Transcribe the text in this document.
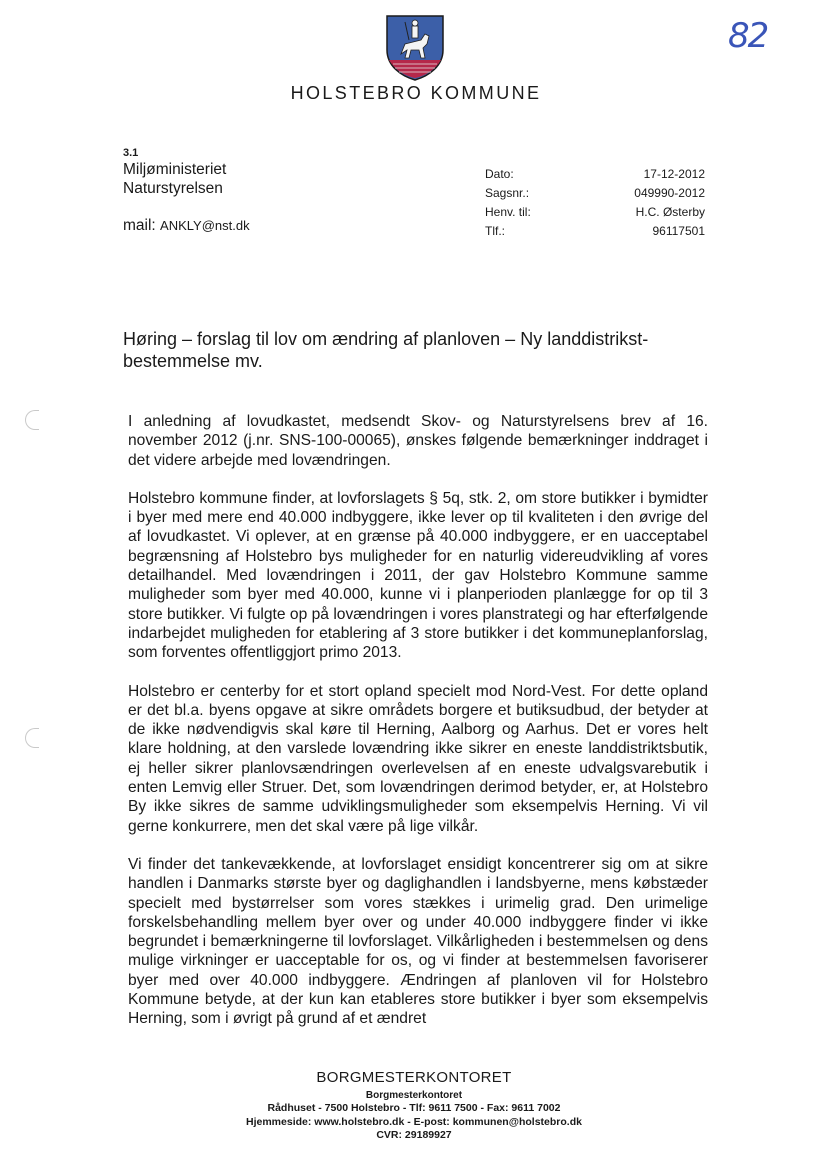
82
HOLSTEBRO KOMMUNE
3.1
Miljøministeriet
Naturstyrelsen
mail: ANKLY@nst.dk
Dato:	17-12-2012
Sagsnr.:	049990-2012
Henv. til:	H.C. Østerby
Tlf.:	96117501
Høring – forslag til lov om ændring af planloven – Ny landdistrikst-bestemmelse mv.

I anledning af lovudkastet, medsendt Skov- og Naturstyrelsens brev af 16. november 2012 (j.nr. SNS-100-00065), ønskes følgende bemærkninger inddraget i det videre arbejde med lovændringen.

Holstebro kommune finder, at lovforslagets § 5q, stk. 2, om store butikker i bymidter i byer med mere end 40.000 indbyggere, ikke lever op til kvaliteten i den øvrige del af lovudkastet. Vi oplever, at en grænse på 40.000 indbyggere, er en uacceptabel begrænsning af Holstebro bys muligheder for en naturlig videreudvikling af vores detailhandel. Med lovændringen i 2011, der gav Holstebro Kommune samme muligheder som byer med 40.000, kunne vi i planperioden planlægge for op til 3 store butikker. Vi fulgte op på lovændringen i vores planstrategi og har efterfølgende indarbejdet muligheden for etablering af 3 store butikker i det kommuneplanforslag, som forventes offentliggjort primo 2013.

Holstebro er centerby for et stort opland specielt mod Nord-Vest. For dette opland er det bl.a. byens opgave at sikre områdets borgere et butiksudbud, der betyder at de ikke nødvendigvis skal køre til Herning, Aalborg og Aarhus. Det er vores helt klare holdning, at den varslede lovændring ikke sikrer en eneste landdistriktsbutik, ej heller sikrer planlovsændringen overlevelsen af en eneste udvalgsvarebutik i enten Lemvig eller Struer. Det, som lovændringen derimod betyder, er, at Holstebro By ikke sikres de samme udviklingsmuligheder som eksempelvis Herning. Vi vil gerne konkurrere, men det skal være på lige vilkår.

Vi finder det tankevækkende, at lovforslaget ensidigt koncentrerer sig om at sikre handlen i Danmarks største byer og daglighandlen i landsbyerne, mens købstæder specielt med bystørrelser som vores stækkes i urimelig grad. Den urimelige forskelsbehandling mellem byer over og under 40.000 indbyggere finder vi ikke begrundet i bemærkningerne til lovforslaget. Vilkårligheden i bestemmelsen og dens mulige virkninger er uacceptable for os, og vi finder at bestemmelsen favoriserer byer med over 40.000 indbyggere. Ændringen af planloven vil for Holstebro Kommune betyde, at der kun kan etableres store butikker i byer som eksempelvis Herning, som i øvrigt på grund af et ændret

BORGMESTERKONTORET
Borgmesterkontoret
Rådhuset - 7500 Holstebro - Tlf: 9611 7500 - Fax: 9611 7002
Hjemmeside: www.holstebro.dk - E-post: kommunen@holstebro.dk
CVR: 29189927
